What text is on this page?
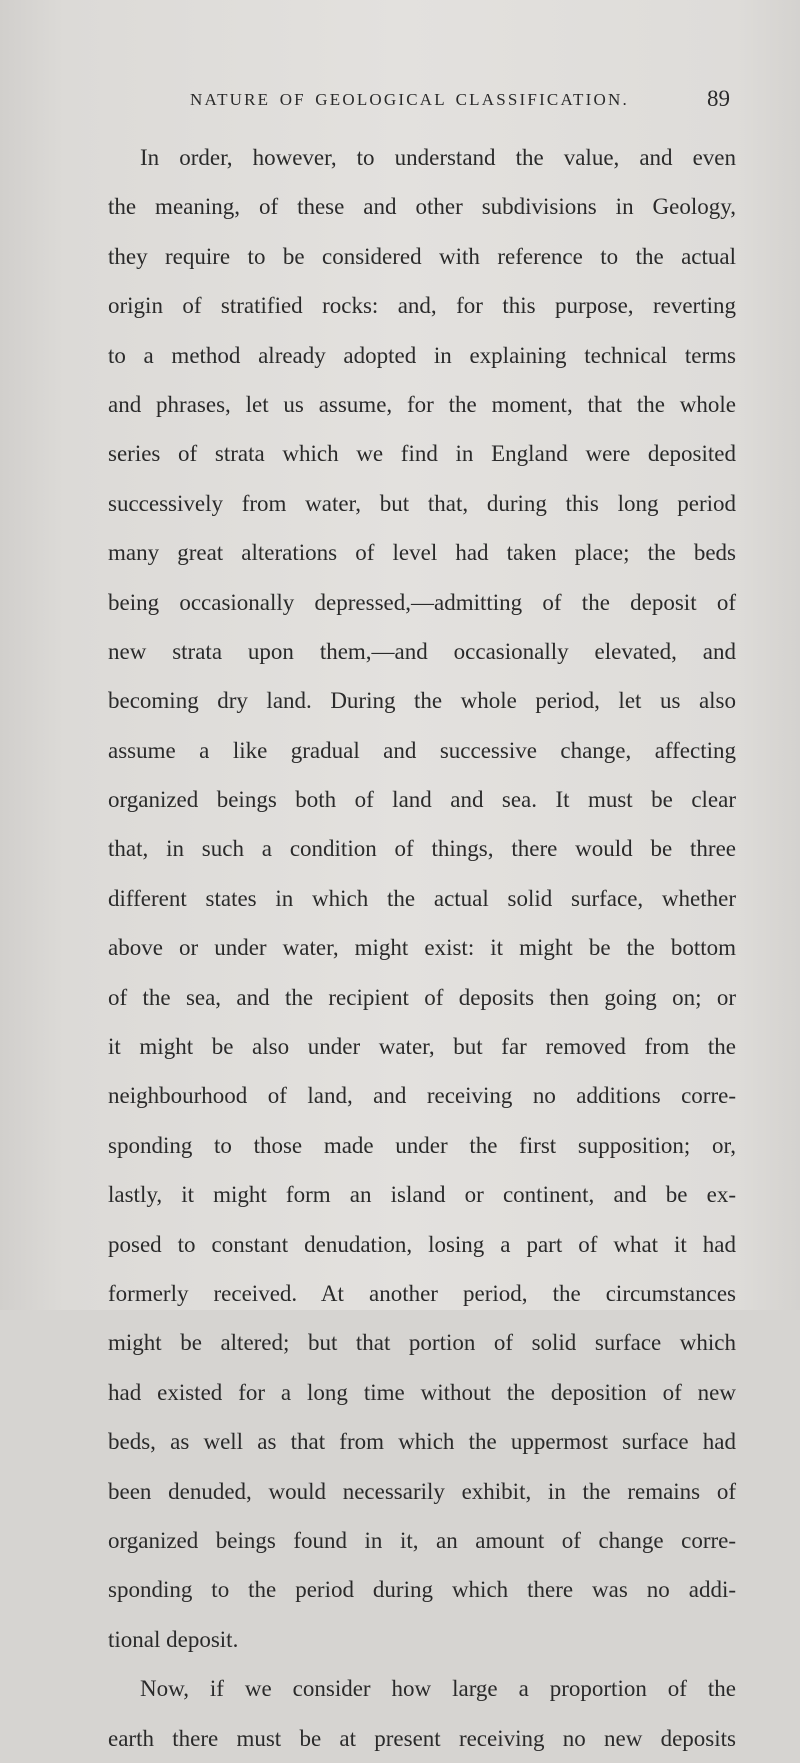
NATURE OF GEOLOGICAL CLASSIFICATION.	89
In order, however, to understand the value, and even
the meaning, of these and other subdivisions in Geology,
they require to be considered with reference to the actual
origin of stratified rocks: and, for this purpose, reverting
to a method already adopted in explaining technical terms
and phrases, let us assume, for the moment, that the whole
series of strata which we find in England were deposited
successively from water, but that, during this long period
many great alterations of level had taken place; the beds
being occasionally depressed,—admitting of the deposit of
new strata upon them,—and occasionally elevated, and
becoming dry land. During the whole period, let us also
assume a like gradual and successive change, affecting
organized beings both of land and sea. It must be clear
that, in such a condition of things, there would be three
different states in which the actual solid surface, whether
above or under water, might exist: it might be the bottom
of the sea, and the recipient of deposits then going on; or
it might be also under water, but far removed from the
neighbourhood of land, and receiving no additions corre-
sponding to those made under the first supposition; or,
lastly, it might form an island or continent, and be ex-
posed to constant denudation, losing a part of what it had
formerly received. At another period, the circumstances
might be altered; but that portion of solid surface which
had existed for a long time without the deposition of new
beds, as well as that from which the uppermost surface had
been denuded, would necessarily exhibit, in the remains of
organized beings found in it, an amount of change corre-
sponding to the period during which there was no addi-
tional deposit.
Now, if we consider how large a proportion of the
earth there must be at present receiving no new deposits
